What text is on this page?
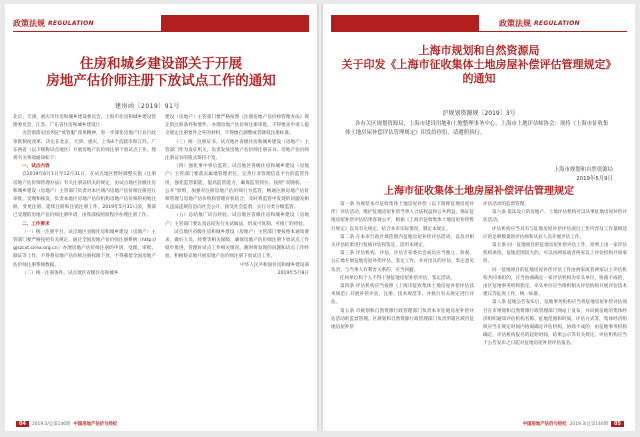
政策法规 REGULATION
住房和城乡建设部关于开展
房地产估价师注册下放试点工作的通知
建房函〔2019〕91号

北京、天津、重庆市住房和城乡建设委员会，上海市住房和城乡建设管理委员会，江苏、广东省住房和城乡建设厅：

为贯彻落实国务院“放管服”改革精神，进一步深化房地产行业行政审批制度改革，决定在北京、天津、重庆、上海4个直辖市和江苏、广东两省（以下统称试点地区）开展房地产估价师注册下放试点工作。现将有关事项通知如下：

一、试点内容

自2019年6月1日至12月31日，在试点地区暂时调整实施《注册房地产估价师管理办法》有关注册证机关的规定，由试点地区省级住房和城乡建设（房地产）主管部门负责对本区域内房地产估价师注册进行审批、受理和核发，负责本地区房地产估价机构房地产估价师的初始注册、变更注册、延续注册和注销注册工作。2019年5月31日前，我部已受理的房地产估价师注册申请，由我部按照原程序办理注册工作。

二、工作要求

（一）统一注册平台。试点地区省级住房和城乡建设（房地产）主管部门要严格按照有关规定，通过全国房地产估价师注册系统（http://gjszcxt.cirea.org.cn）办理房地产估价师注册的申请、受理、审批、制证等工作，不得将房地产估价师注册权限下放，不得截留全国房地产估价师注册系统数据。

（二）统一注册条件。试点地区省级住房和城乡

建设（房地产）主管部门要严格按照《注册房地产估价师管理办法》规定的注册条件和要件，办理房地产估价师注册审批。不得要求申请人提交规定注册要件之外的材料，不得擅自调整或者降低注册标准。

（三）统一注册证书。试点地区省级住房和城乡建设（房地产）主管部门作为发证机关，负责发放房地产估价师注册证书。房地产估价师注册证书的版式保持不变。

（四）强化事中事后监管。试点地区各级住房和城乡建设（房地产）主管部门要落实属地管理责任，完善行业管理信息平台的监管作用，强化监管职能，提高监管能力，确保监管到位。按照“双随机、一公开”原则，加强对注册房地产估价师行为监管，畅通注册房地产估价师管理与房地产估价机构管理有机结合，及时将监管中发现的问题及相关违法违规信息向社会公开，接受社会监督，实行分类分级监管。

（五）总结推广试点经验。试点地区省级住房和城乡建设（房地产）主管部门要认真总结先行先试做法，形成可复制、可推广的经验。

试点地区省级住房和城乡建设（房地产）主管部门要按照本通知要求，做好人员、经费等相关保障，确保房地产估价师注册下放试点工作稳步推进，管理好试点工作相关情况，随时将发现的问题和试点工作经验，积极稳妥地开展房地产估价师注册下放试点工作。

中华人民共和国住房和城乡建设部

2019年5月8日

04	2019.3/总第146期 中国房地产估价与经纪
政策法规 REGULATION
上海市规划和自然资源局
关于印发《上海市征收集体土地房屋补偿评估管理规定》
的通知
沪规划资源规〔2019〕3号

各有关区规划资源局，上海市建设用地和土地整理事务中心、上海市土地评估师协会：现将《上海市征收集体土地房屋补偿评估管理规定》印发给你们，请遵照执行。

上海市规划和自然资源局
2019年5月9日
上海市征收集体土地房屋补偿评估管理规定

第一条 为规范本市征收集体土地房屋补偿（以下简称征地房屋补偿）评估活动，维护征地房屋补偿当事人合法权益和公共利益，保证征地房屋补偿评估结果客观公平，根据《上海市征收集体土地房屋补偿暂行规定》以及有关规定，结合本市实际情况，制定本规定。

第二条 在本市行政区域范围内征地房屋补偿评估活动，以及对相关评估结果进行复核评估和鉴定，适用本规定。

第三条 评估机构、评估、评估专家委员会成员应当独立、客观、公正地开展征地房屋补偿评估、鉴定工作，并对出具的评估、鉴定意见负责，与当事人有利害关系的，应当回避。

任何单位和个人不得干预征地房屋补偿评估、鉴定活动。

第四条 评估机构应当按照《上海市征收集体土地房屋补偿评估技术规范》开展补偿评估，注册、技术规范等，并执行有关规定进行评估。

第五条 市规划和自然资源行政管理部门负责本市征地房屋补偿评估活动的监督管理。区规划和自然资源行政管理部门负责所辖区域内征地房屋补偿

评估活动的监督管理。

第六条 依法设立的房地产、土地评估机构可以从事征地房屋补偿评估活动。

评估机构应当具有与征地房屋补偿评估项目工作内容及工作量相适应的足够数量的评估师和从业人员开展评估工作。

第七条 同一征地项目的征地房屋补偿评估工作，原则上由一家评估机构承担。征地范围较大的，可以由两家或者两家以上评估机构共同承担。

同一征地项目的征地房屋补偿评估工作由两家或者两家以上评估机构共同承担的，应当协商确定一家评估机构为牵头单位，协商不成的，由区征地事务机构指定。牵头单位应当组织相关评估机构开展评估技术建议等征询工作，统一标准。

第八条 征地公告发布后，征地事务机构应当将征地房屋补偿评估项目在市规划和自然资源行政管理部门网站上发布，并向被征地的集体经济组织通知评估机构名称、征地范围和时间、评估方式等，集体经济组织应当在规定时间内协商确定评估机构，协商不成的，由征地事务机构确定，评估机构报名的起始时间，结果公示等有关规定。评估机构应当于公告发布之日起对征地房屋补偿评估报名。

中国房地产估价与经纪 2019.3/总第146期	05
